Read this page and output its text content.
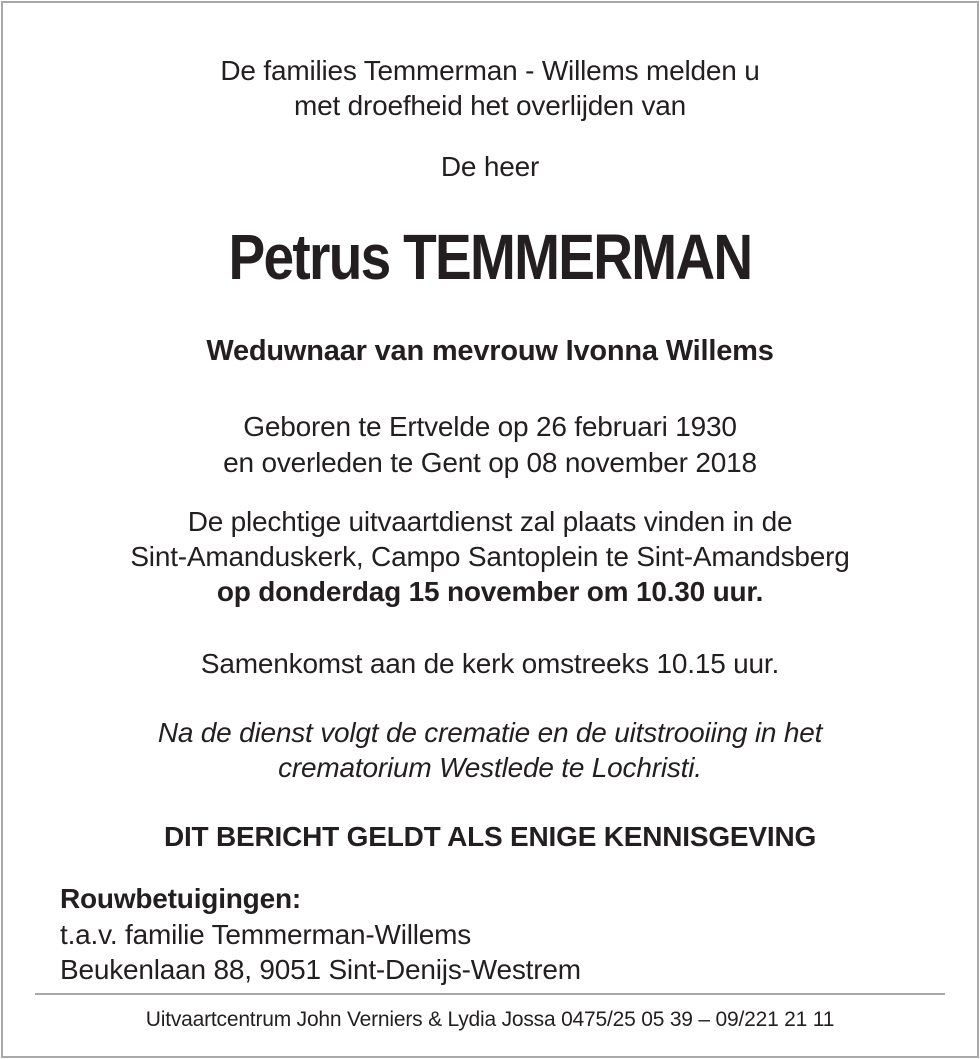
De families Temmerman - Willems melden u
met droefheid het overlijden van
De heer
Petrus TEMMERMAN
Weduwnaar van mevrouw Ivonna Willems
Geboren te Ertvelde op 26 februari 1930
en overleden te Gent op 08 november 2018
De plechtige uitvaartdienst zal plaats vinden in de
Sint-Amanduskerk, Campo Santoplein te Sint-Amandsberg
op donderdag 15 november om 10.30 uur.
Samenkomst aan de kerk omstreeks 10.15 uur.
Na de dienst volgt de crematie en de uitstrooiing in het
crematorium Westlede te Lochristi.
DIT BERICHT GELDT ALS ENIGE KENNISGEVING
Rouwbetuigingen:
t.a.v. familie Temmerman-Willems
Beukenlaan 88, 9051 Sint-Denijs-Westrem
Uitvaartcentrum John Verniers & Lydia Jossa 0475/25 05 39 – 09/221 21 11
